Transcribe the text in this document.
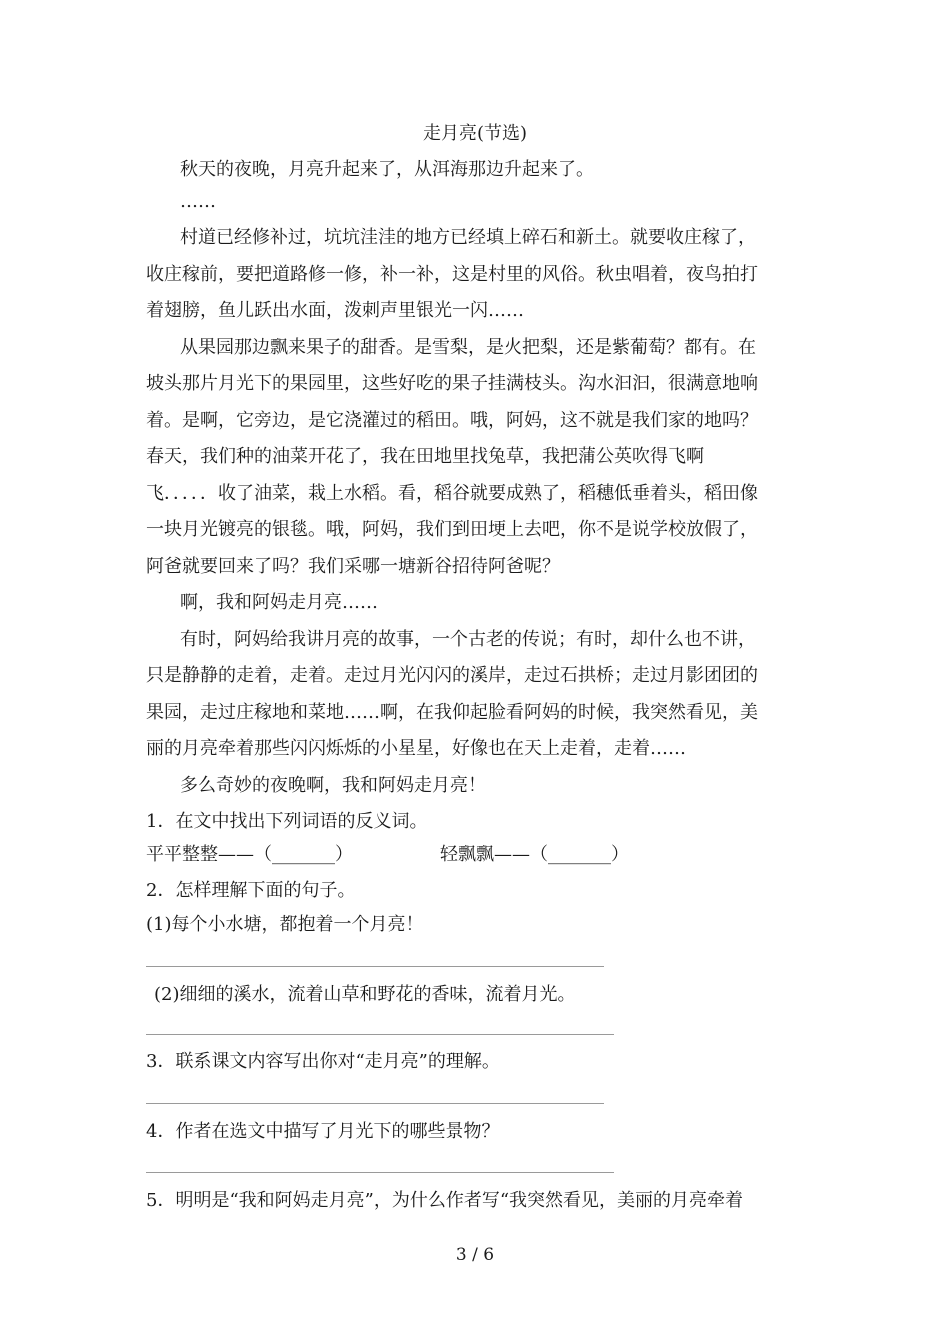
走月亮(节选)
秋天的夜晚，月亮升起来了，从洱海那边升起来了。
……
村道已经修补过，坑坑洼洼的地方已经填上碎石和新土。就要收庄稼了，
收庄稼前，要把道路修一修，补一补，这是村里的风俗。秋虫唱着，夜鸟拍打
着翅膀，鱼儿跃出水面，泼刺声里银光一闪……
从果园那边飘来果子的甜香。是雪梨，是火把梨，还是紫葡萄？都有。在
坡头那片月光下的果园里，这些好吃的果子挂满枝头。沟水汩汩，很满意地响
着。是啊，它旁边，是它浇灌过的稻田。哦，阿妈，这不就是我们家的地吗？
春天，我们种的油菜开花了，我在田地里找兔草，我把蒲公英吹得飞啊
飞．．．．．收了油菜，栽上水稻。看，稻谷就要成熟了，稻穗低垂着头，稻田像
一块月光镀亮的银毯。哦，阿妈，我们到田埂上去吧，你不是说学校放假了，
阿爸就要回来了吗？我们采哪一塘新谷招待阿爸呢？
啊，我和阿妈走月亮……
有时，阿妈给我讲月亮的故事，一个古老的传说；有时，却什么也不讲，
只是静静的走着，走着。走过月光闪闪的溪岸，走过石拱桥；走过月影团团的
果园，走过庄稼地和菜地……啊，在我仰起脸看阿妈的时候，我突然看见，美
丽的月亮牵着那些闪闪烁烁的小星星，好像也在天上走着，走着……
多么奇妙的夜晚啊，我和阿妈走月亮！
1．在文中找出下列词语的反义词。
平平整整——（_______）	轻飘飘——（_______）
2．怎样理解下面的句子。
(1)每个小水塘，都抱着一个月亮！
(2)细细的溪水，流着山草和野花的香味，流着月光。
3．联系课文内容写出你对“走月亮”的理解。
4．作者在选文中描写了月光下的哪些景物？
5．明明是“我和阿妈走月亮”，为什么作者写“我突然看见，美丽的月亮牵着
3 / 6
